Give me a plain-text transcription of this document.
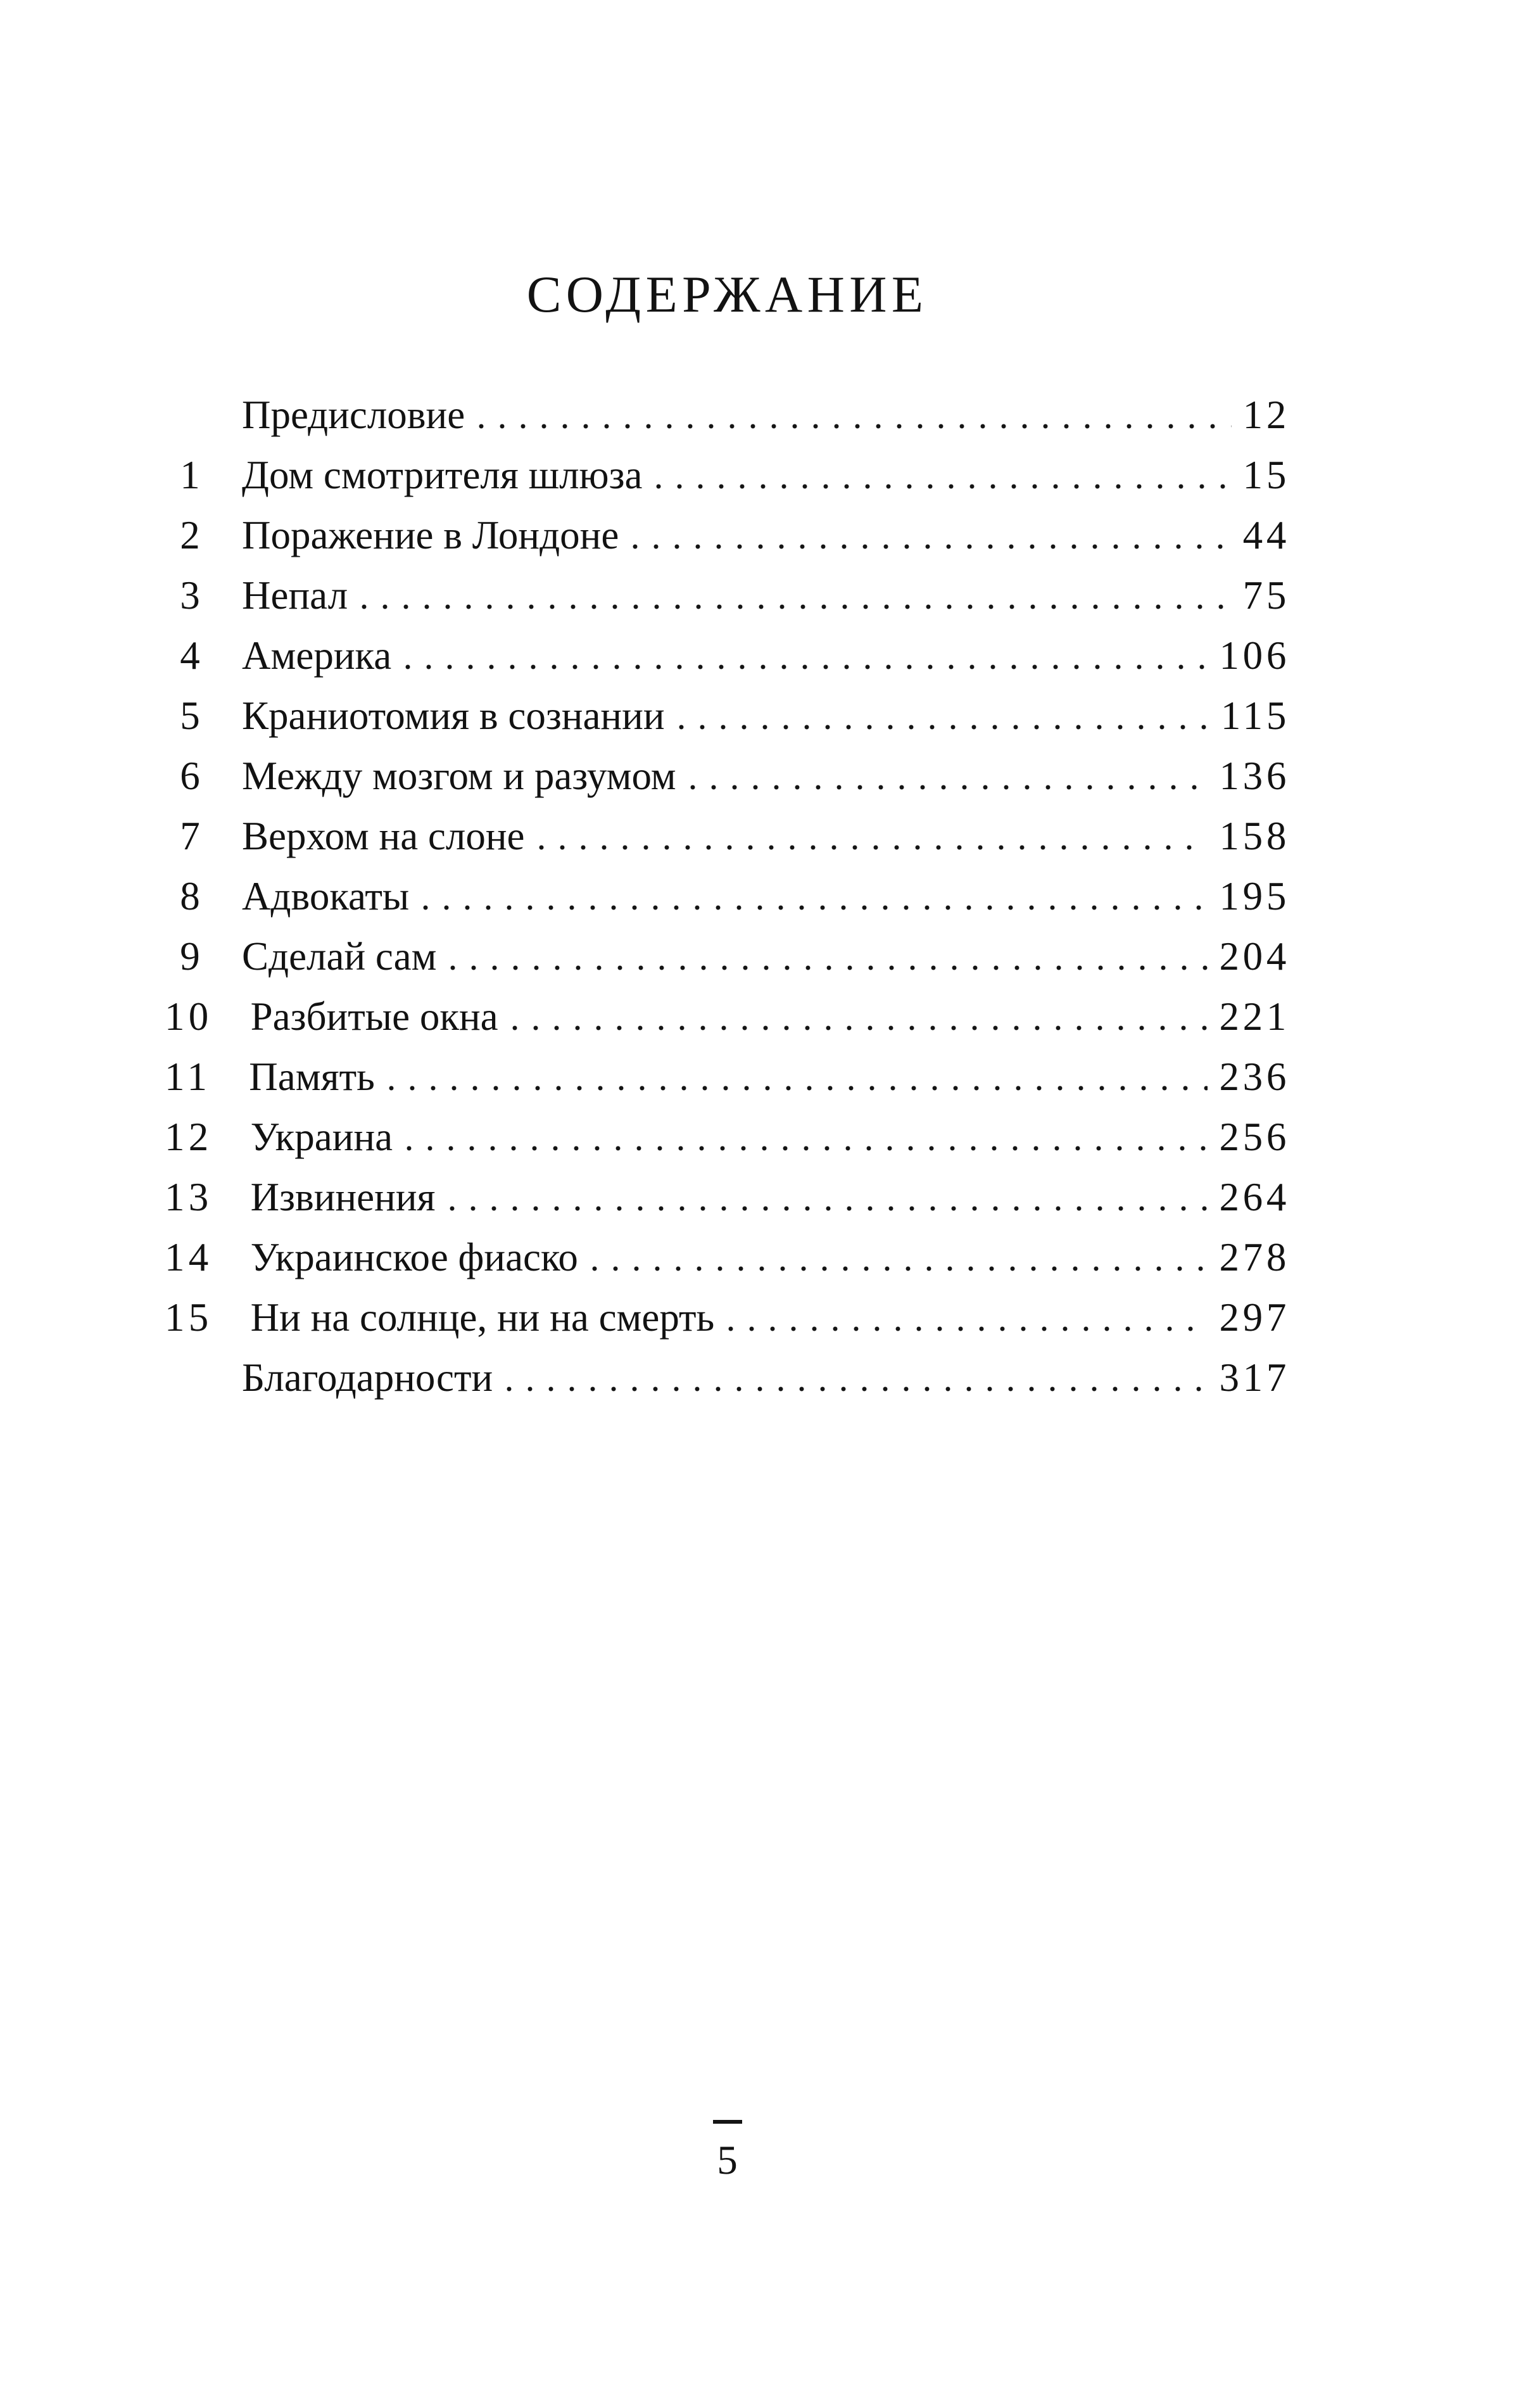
СОДЕРЖАНИЕ
Предисловие	12
1 Дом смотрителя шлюза	15
2 Поражение в Лондоне	44
3 Непал	75
4 Америка	106
5 Краниотомия в сознании	115
6 Между мозгом и разумом	136
7 Верхом на слоне	158
8 Адвокаты	195
9 Сделай сам	204
10 Разбитые окна	221
11 Память	236
12 Украина	256
13 Извинения	264
14 Украинское фиаско	278
15 Ни на солнце, ни на смерть	297
Благодарности	317
5
